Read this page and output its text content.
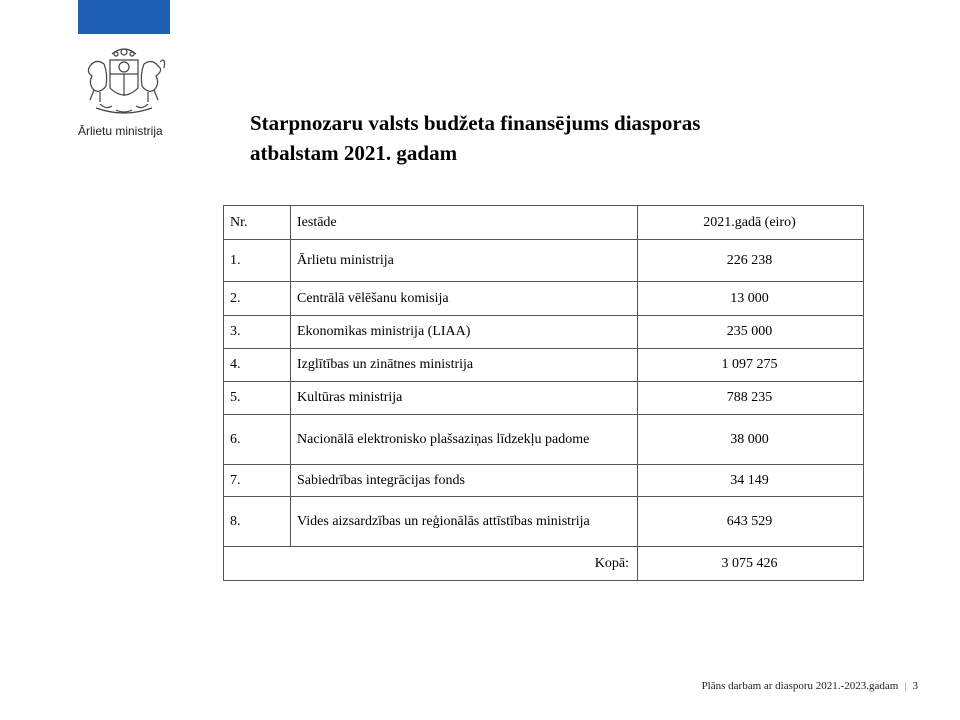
Ārlietu ministrija	Starpnozaru valsts budžeta finansējums diasporas
atbalstam 2021. gadam
Nr.	Iestāde	2021.gadā (eiro)
1.	Ārlietu ministrija	226 238
2.	Centrālā vēlēšanu komisija	13 000
3.	Ekonomikas ministrija (LIAA)	235 000
4.	Izglītības un zinātnes ministrija	1 097 275
5.	Kultūras ministrija	788 235
6.	Nacionālā elektronisko plašsaziņas līdzekļu padome	38 000
7.	Sabiedrības integrācijas fonds	34 149
8.	Vides aizsardzības un reģionālās attīstības ministrija	643 529
Kopā:		3 075 426
Plāns darbam ar diasporu 2021.-2023.gadam | 3
